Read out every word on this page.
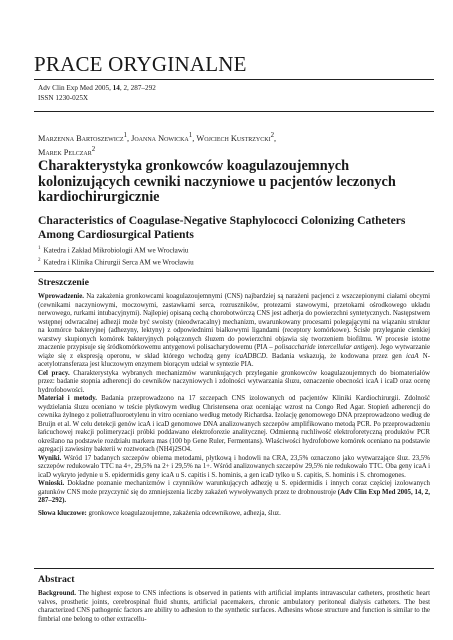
PRACE ORYGINALNE
Adv Clin Exp Med 2005, 14, 2, 287–292
ISSN 1230-025X
Marzenna Bartoszewicz$^1$, Joanna Nowicka$^1$, Wojciech Kustrzycki$^2$,
Marek Pelczar$^2$
Charakterystyka gronkowców koagulazoujemnych kolonizujących cewniki naczyniowe u pacjentów leczonych kardiochirurgicznie
Characteristics of Coagulase-Negative Staphylococci Colonizing Catheters Among Cardiosurgical Patients
$^1$ Katedra i Zakład Mikrobiologii AM we Wrocławiu
$^2$ Katedra i Klinika Chirurgii Serca AM we Wrocławiu
Streszczenie

Wprowadzenie. Na zakażenia gronkowcami koagulazoujemnymi (CNS) najbardziej są narażeni pacjenci z wszczepionymi ciałami obcymi (cewnikami naczyniowymi, moczowymi, zastawkami serca, rozruszników, protezami stawowymi, przetokami ośrodkowego układu nerwowego, rurkami intubacyjnymi). Najlepiej opisaną cechą chorobotwórczą CNS jest adherja do powierzchni syntetycznych. Następstwem wstępnej odwracalnej adhezji może być swoisty (nieodwracalny) mechanizm, uwarunkowany procesami polegającymi na wiązaniu struktur na komórce bakteryjnej (adhezyny, lektyny) z odpowiednimi białkowymi ligandami (receptory komórkowe). Ścisłe przyleganie cienkiej warstwy skupionych komórek bakteryjnych połączonych śluzem do powierzchni objawia się tworzeniem biofilmu. W procesie istotne znaczenie przypisuje się śródkomórkowemu antygenowi polisacharydowemu (PIA – polisaccharide intercellular antigen). Jego wytwarzanie wiąże się z ekspresją operonu, w skład którego wchodzą geny icaADBCD. Badania wskazują, że kodowana przez gen icaA N-acetylotransferaza jest kluczowym enzymem biorącym udział w syntezie PIA.

Cel pracy. Charakterystyka wybranych mechanizmów warunkujących przyleganie gronkowców koagulazoujemnych do biomateriałów przez: badanie stopnia adherencji do cewników naczyniowych i zdolności wytwarzania śluzu, oznaczenie obecności icaA i icaD oraz ocenę hydrofobowości.

Materiał i metody. Badania przeprowadzono na 17 szczepach CNS izolowanych od pacjentów Kliniki Kardiochirurgii. Zdolność wydzielania śluzu oceniano w teście płytkowym według Christensena oraz oceniając wzrost na Congo Red Agar. Stopień adherencji do cewnika żylnego z polietrafluoroetylenu in vitro oceniano według metody Richardsa. Izolację genomowego DNA przeprowadzono według de Bruijn et al. W celu detekcji genów icaA i icaD genomowe DNA analizowanych szczepów amplifikowano metodą PCR. Po przeprowadzeniu łańcuchowej reakcji polimeryzacji próbki poddawano elektroforezie analitycznej. Odmienną ruchliwość elektroforetyczną produktów PCR określano na podstawie rozdziału markera mas (100 bp Gene Ruler, Fermentans). Właściwości hydrofobowe komórek oceniano na podstawie agregacji zawiesiny bakterii w roztworach (NH4)2SO4.

Wyniki. Wśród 17 badanych szczepów obiema metodami, płytkową i hodowli na CRA, 23,5% oznaczono jako wytwarzające śluz. 23,5% szczepów redukowało TTC na 4+, 29,5% na 2+ i 29,5% na 1+. Wśród analizowanych szczepów 29,5% nie redukowało TTC. Oba geny icaA i icaD wykryto jedynie u S. epidermidis geny icaA u S. capitis i S. hominis, a gen icaD tylko u S. capitis, S. hominis i S. chromogenes.

Wnioski. Dokładne poznanie mechanizmów i czynników warunkujących adhezję u S. epidermidis i innych coraz częściej izolowanych gatunków CNS może przyczynić się do zmniejszenia liczby zakażeń wywoływanych przez te drobnoustroje (Adv Clin Exp Med 2005, 14, 2, 287–292).

Słowa kluczowe: gronkowce koagulazoujemne, zakażenia odcewnikowe, adhezja, śluz.

Abstract

Background. The highest expose to CNS infections is observed in patients with artificial implants intravascular catheters, prosthetic heart valves, prosthetic joints, cerebrospinal fluid shunts, artificial pacemakers, chronic ambulatory peritoneal dialysis catheters. The best characterized CNS pathogenic factors are ability to adhesion to the synthetic surfaces. Adhesins whose structure and function is similar to the fimbrial one belong to other extracellu-
